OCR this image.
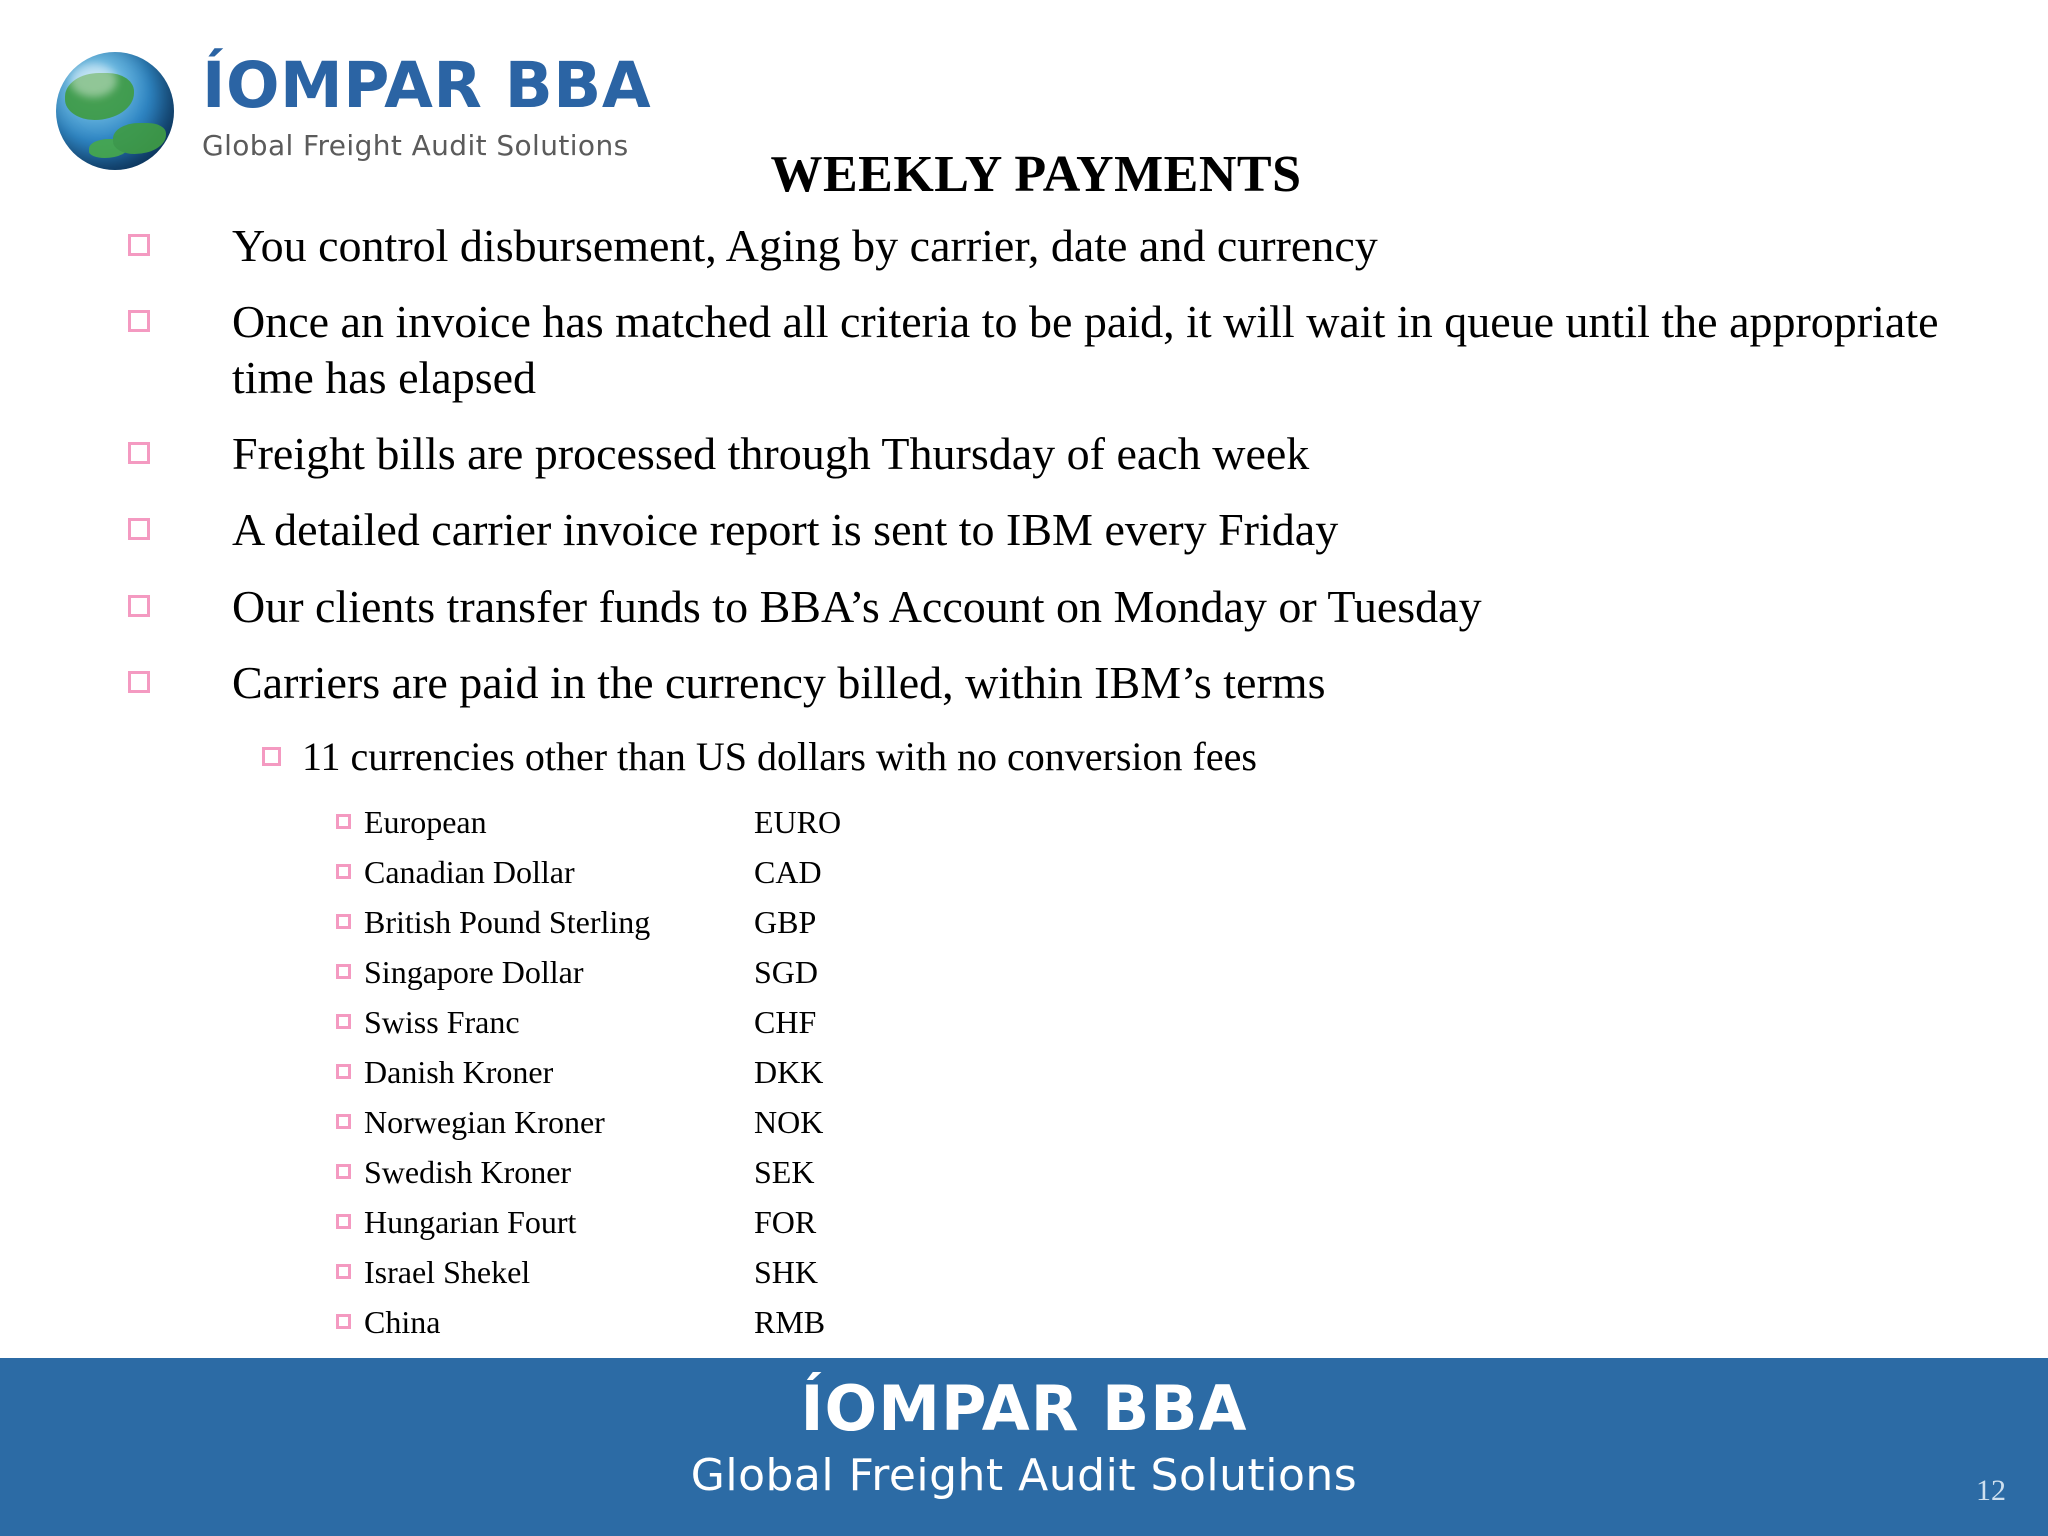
ÍOMPAR BBA
Global Freight Audit Solutions
WEEKLY PAYMENTS
You control disbursement, Aging by carrier, date and currency
Once an invoice has matched all criteria to be paid, it will wait in queue until the appropriate time has elapsed
Freight bills are processed through Thursday of each week
A detailed carrier invoice report is sent to IBM every Friday
Our clients transfer funds to BBA’s Account on Monday or Tuesday
Carriers are paid in the currency billed, within IBM’s terms
11 currencies other than US dollars with no conversion fees
European	EURO
Canadian Dollar	CAD
British Pound Sterling	GBP
Singapore Dollar	SGD
Swiss Franc	CHF
Danish Kroner	DKK
Norwegian Kroner	NOK
Swedish Kroner	SEK
Hungarian Fourt	FOR
Israel Shekel	SHK
China	RMB
ÍOMPAR BBA
Global Freight Audit Solutions	12
